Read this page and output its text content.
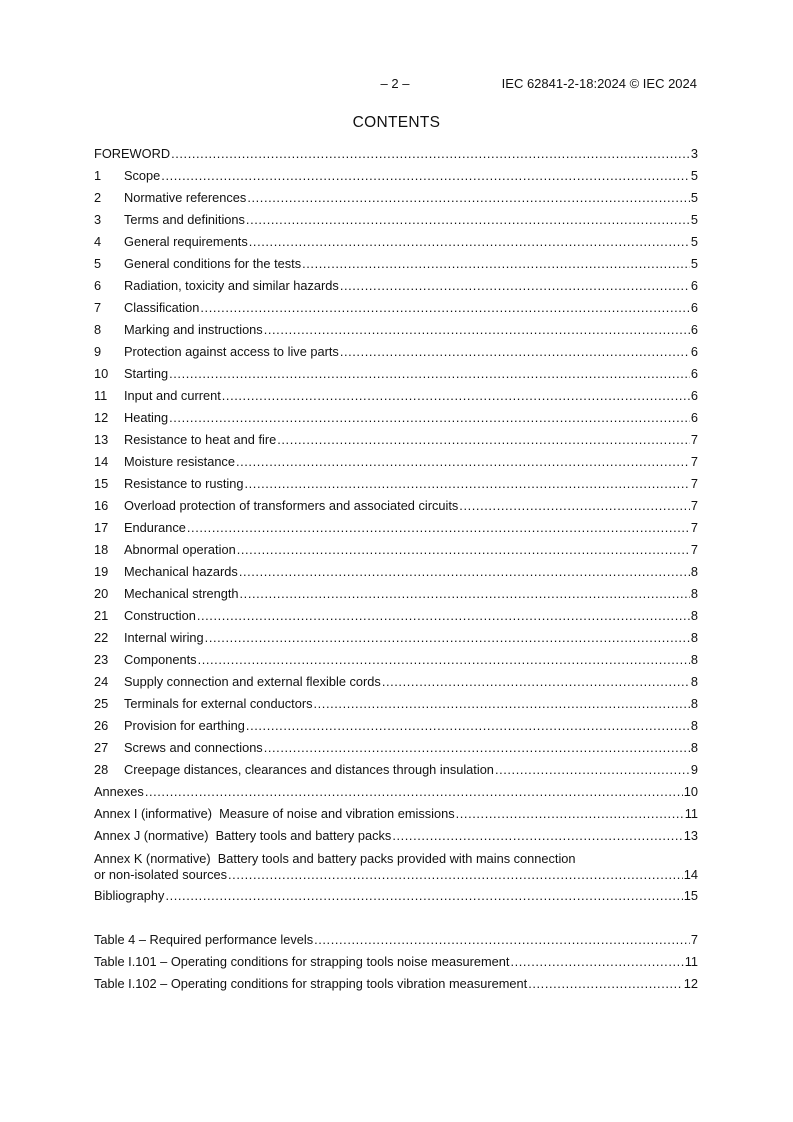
– 2 –	IEC 62841-2-18:2024 © IEC 2024
CONTENTS
FOREWORD .....	3
1	Scope .....	5
2	Normative references .....	5
3	Terms and definitions .....	5
4	General requirements .....	5
5	General conditions for the tests .....	5
6	Radiation, toxicity and similar hazards .....	6
7	Classification .....	6
8	Marking and instructions .....	6
9	Protection against access to live parts .....	6
10	Starting .....	6
11	Input and current .....	6
12	Heating .....	6
13	Resistance to heat and fire .....	7
14	Moisture resistance .....	7
15	Resistance to rusting .....	7
16	Overload protection of transformers and associated circuits .....	7
17	Endurance .....	7
18	Abnormal operation .....	7
19	Mechanical hazards .....	8
20	Mechanical strength .....	8
21	Construction .....	8
22	Internal wiring .....	8
23	Components .....	8
24	Supply connection and external flexible cords .....	8
25	Terminals for external conductors .....	8
26	Provision for earthing .....	8
27	Screws and connections .....	8
28	Creepage distances, clearances and distances through insulation .....	9
Annexes .....	10
Annex I (informative)  Measure of noise and vibration emissions .....	11
Annex J (normative)  Battery tools and battery packs .....	13
Annex K (normative)  Battery tools and battery packs provided with mains connection
or non-isolated sources .....	14
Bibliography .....	15
Table 4 – Required performance levels .....	7
Table I.101 – Operating conditions for strapping tools noise measurement .....	11
Table I.102 – Operating conditions for strapping tools vibration measurement .....	12
